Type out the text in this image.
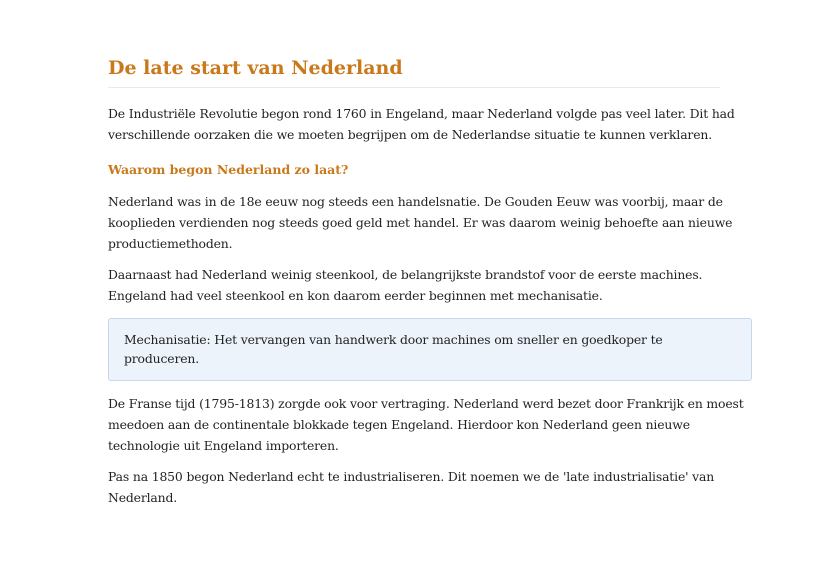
De late start van Nederland

De Industriële Revolutie begon rond 1760 in Engeland, maar Nederland volgde pas veel later. Dit had verschillende oorzaken die we moeten begrijpen om de Nederlandse situatie te kunnen verklaren.

Waarom begon Nederland zo laat?

Nederland was in de 18e eeuw nog steeds een handelsnatie. De Gouden Eeuw was voorbij, maar de kooplieden verdienden nog steeds goed geld met handel. Er was daarom weinig behoefte aan nieuwe productiemethoden.

Daarnaast had Nederland weinig steenkool, de belangrijkste brandstof voor de eerste machines. Engeland had veel steenkool en kon daarom eerder beginnen met mechanisatie.

Mechanisatie: Het vervangen van handwerk door machines om sneller en goedkoper te produceren.

De Franse tijd (1795-1813) zorgde ook voor vertraging. Nederland werd bezet door Frankrijk en moest meedoen aan de continentale blokkade tegen Engeland. Hierdoor kon Nederland geen nieuwe technologie uit Engeland importeren.

Pas na 1850 begon Nederland echt te industrialiseren. Dit noemen we de 'late industrialisatie' van Nederland.
